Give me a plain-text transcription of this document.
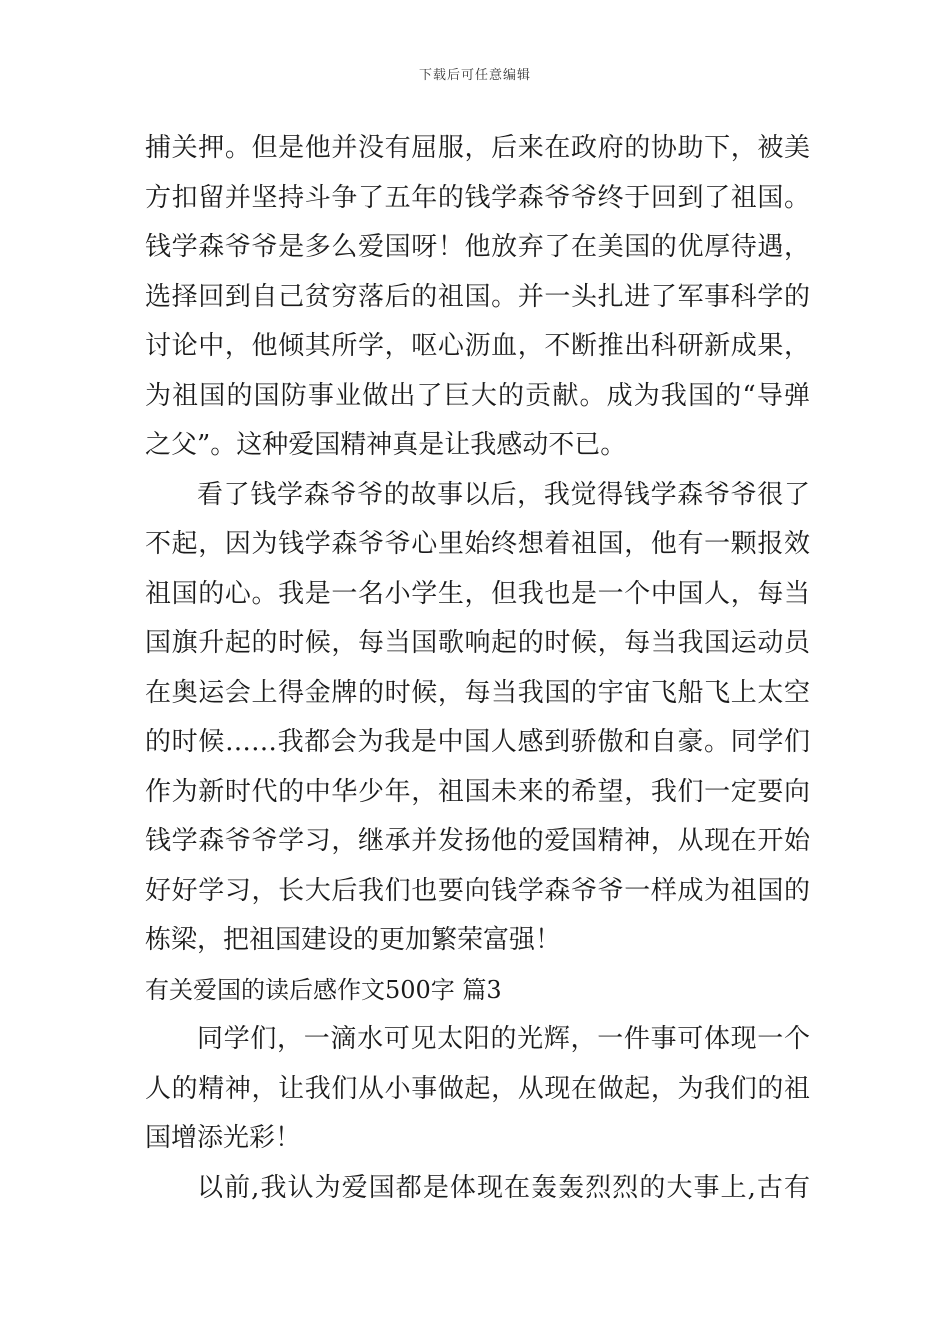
下载后可任意编辑
捕关押。但是他并没有屈服，后来在政府的协助下，被美
方扣留并坚持斗争了五年的钱学森爷爷终于回到了祖国。
钱学森爷爷是多么爱国呀！他放弃了在美国的优厚待遇，
选择回到自己贫穷落后的祖国。并一头扎进了军事科学的
讨论中，他倾其所学，呕心沥血，不断推出科研新成果，
为祖国的国防事业做出了巨大的贡献。成为我国的“导弹
之父”。这种爱国精神真是让我感动不已。
看了钱学森爷爷的故事以后，我觉得钱学森爷爷很了
不起，因为钱学森爷爷心里始终想着祖国，他有一颗报效
祖国的心。我是一名小学生，但我也是一个中国人，每当
国旗升起的时候，每当国歌响起的时候，每当我国运动员
在奥运会上得金牌的时候，每当我国的宇宙飞船飞上太空
的时候……我都会为我是中国人感到骄傲和自豪。同学们
作为新时代的中华少年，祖国未来的希望，我们一定要向
钱学森爷爷学习，继承并发扬他的爱国精神，从现在开始
好好学习，长大后我们也要向钱学森爷爷一样成为祖国的
栋梁，把祖国建设的更加繁荣富强！
有关爱国的读后感作文500字 篇3
同学们，一滴水可见太阳的光辉，一件事可体现一个
人的精神，让我们从小事做起，从现在做起，为我们的祖
国增添光彩！
以前,我认为爱国都是体现在轰轰烈烈的大事上,古有
